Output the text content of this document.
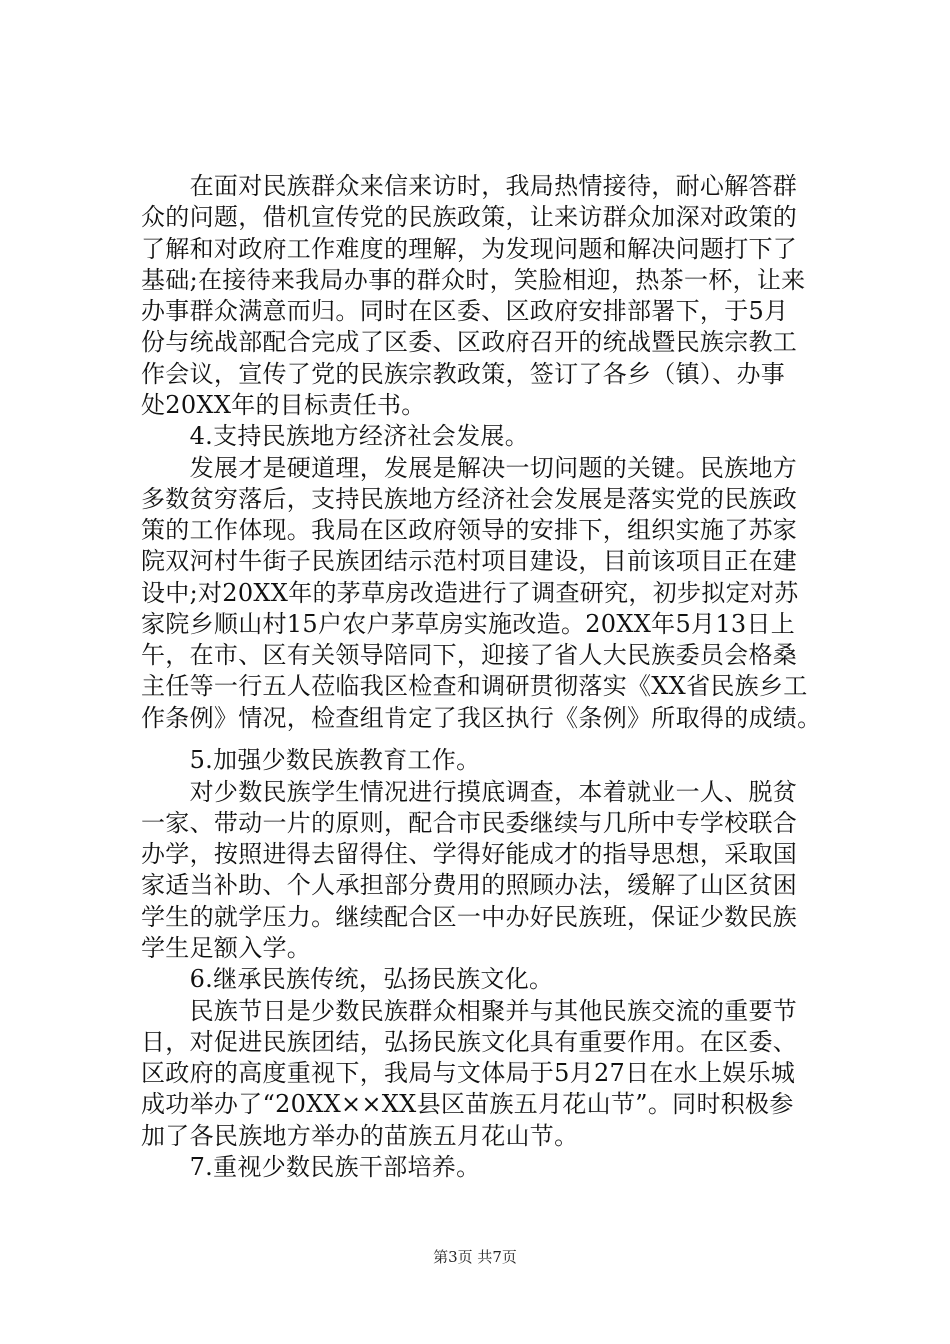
　　在面对民族群众来信来访时，我局热情接待，耐心解答群
众的问题，借机宣传党的民族政策，让来访群众加深对政策的
了解和对政府工作难度的理解，为发现问题和解决问题打下了
基础;在接待来我局办事的群众时，笑脸相迎，热茶一杯，让来
办事群众满意而归。同时在区委、区政府安排部署下，于5月
份与统战部配合完成了区委、区政府召开的统战暨民族宗教工
作会议，宣传了党的民族宗教政策，签订了各乡（镇）、办事
处20XX年的目标责任书。
　　4.支持民族地方经济社会发展。
　　发展才是硬道理，发展是解决一切问题的关键。民族地方
多数贫穷落后，支持民族地方经济社会发展是落实党的民族政
策的工作体现。我局在区政府领导的安排下，组织实施了苏家
院双河村牛街子民族团结示范村项目建设，目前该项目正在建
设中;对20XX年的茅草房改造进行了调查研究，初步拟定对苏
家院乡顺山村15户农户茅草房实施改造。20XX年5月13日上
午，在市、区有关领导陪同下，迎接了省人大民族委员会格桑
主任等一行五人莅临我区检查和调研贯彻落实《XX省民族乡工
作条例》情况，检查组肯定了我区执行《条例》所取得的成绩。
　　5.加强少数民族教育工作。
　　对少数民族学生情况进行摸底调查，本着就业一人、脱贫
一家、带动一片的原则，配合市民委继续与几所中专学校联合
办学，按照进得去留得住、学得好能成才的指导思想，采取国
家适当补助、个人承担部分费用的照顾办法，缓解了山区贫困
学生的就学压力。继续配合区一中办好民族班，保证少数民族
学生足额入学。
　　6.继承民族传统，弘扬民族文化。
　　民族节日是少数民族群众相聚并与其他民族交流的重要节
日，对促进民族团结，弘扬民族文化具有重要作用。在区委、
区政府的高度重视下，我局与文体局于5月27日在水上娱乐城
成功举办了“20XX××XX县区苗族五月花山节”。同时积极参
加了各民族地方举办的苗族五月花山节。
　　7.重视少数民族干部培养。
第3页 共7页
